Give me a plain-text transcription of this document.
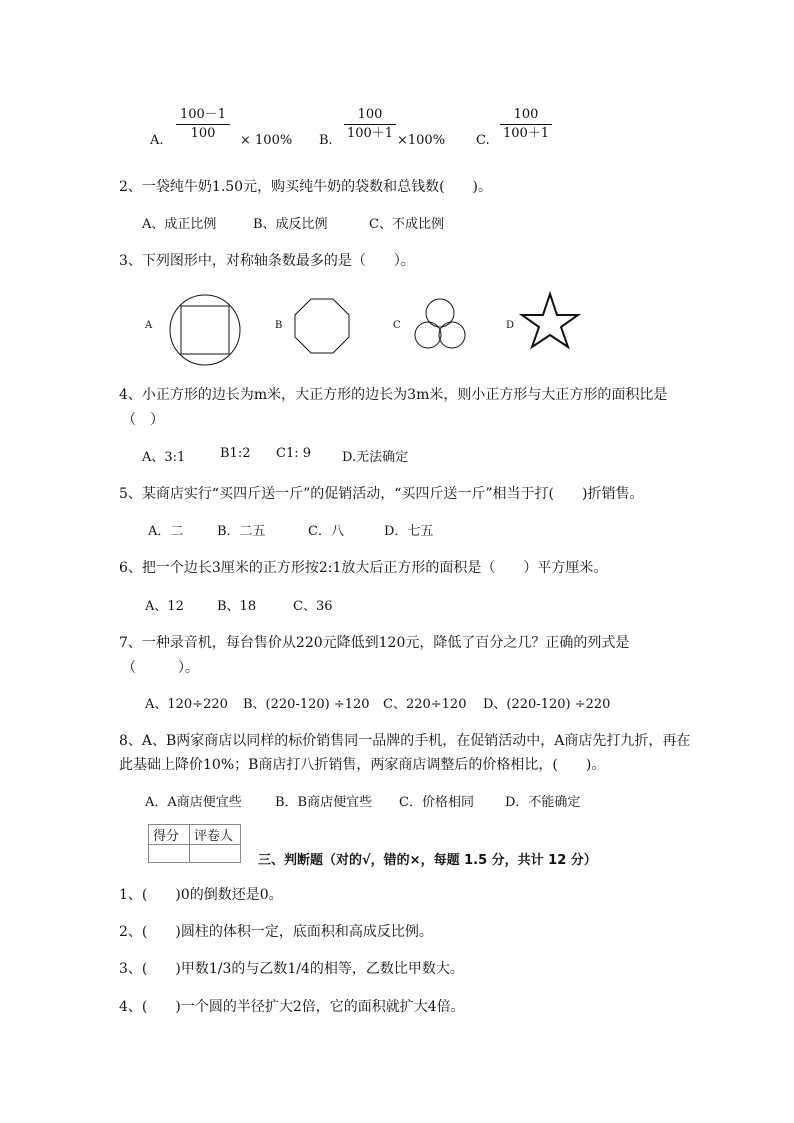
A.
100－1
100	× 100% B.
100
100＋1 ×100% C.
100
100＋1
2、一袋纯牛奶1.50元，购买纯牛奶的袋数和总钱数(　　)。
A、成正比例	B、成反比例	C、不成比例
3、下列图形中，对称轴条数最多的是（　　）。
A	B	C	D
4、小正方形的边长为m米，大正方形的边长为3m米，则小正方形与大正方形的面积比是
（　）
A、3:1	B1:2 C1: 9 D.无法确定
5、某商店实行“买四斤送一斤”的促销活动，“买四斤送一斤”相当于打(　　)折销售。
A．二	B．二五	C．八	D．七五
6、把一个边长3厘米的正方形按2:1放大后正方形的面积是（　　）平方厘米。
A、12	B、18	C、36
7、一种录音机，每台售价从220元降低到120元，降低了百分之几？正确的列式是
（　　　）。
A、120÷220 B、(220-120) ÷120 C、220÷120 D、(220-120) ÷220
8、A、B两家商店以同样的标价销售同一品牌的手机，在促销活动中，A商店先打九折，再在
此基础上降价10%；B商店打八折销售，两家商店调整后的价格相比，(　　)。
A．A商店便宜些	B．B商店便宜些 C．价格相同 D．不能确定
得分	评卷人

三、判断题（对的√，错的×，每题 1.5 分，共计 12 分）
1、(　　)0的倒数还是0。
2、(　　)圆柱的体积一定，底面积和高成反比例。
3、(　　)甲数1/3的与乙数1/4的相等，乙数比甲数大。
4、(　　)一个圆的半径扩大2倍，它的面积就扩大4倍。
